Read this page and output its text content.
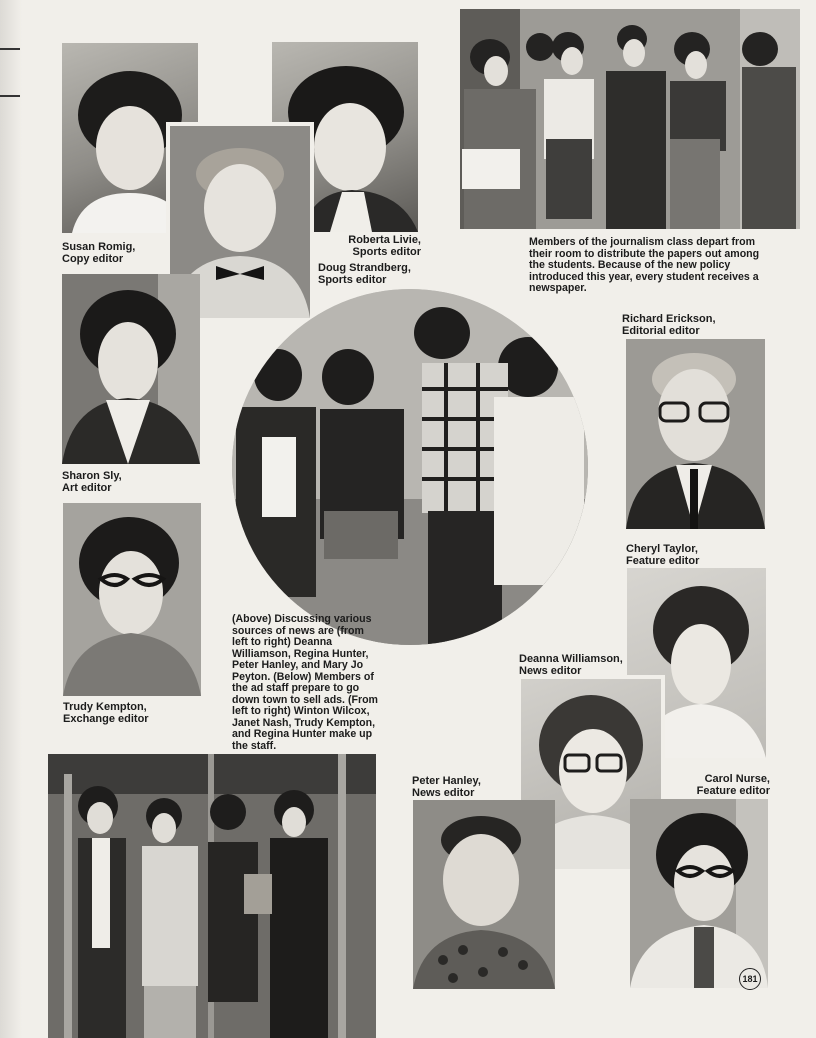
Susan Romig,
Copy editor
Roberta Livie,
Sports editor
Doug Strandberg,
Sports editor

Members of the journalism class depart from their room to distribute the papers out among the students. Because of the new policy introduced this year, every student receives a newspaper.

Sharon Sly,
Art editor
Richard Erickson,
Editorial editor
Trudy Kempton,
Exchange editor

(Above) Discussing various sources of news are (from left to right) Deanna Williamson, Regina Hunter, Peter Hanley, and Mary Jo Peyton. (Below) Members of the ad staff prepare to go down town to sell ads. (From left to right) Winton Wilcox, Janet Nash, Trudy Kempton, and Regina Hunter make up the staff.

Cheryl Taylor,
Feature editor
Deanna Williamson,
News editor
Peter Hanley,
News editor
Carol Nurse,
Feature editor
181
